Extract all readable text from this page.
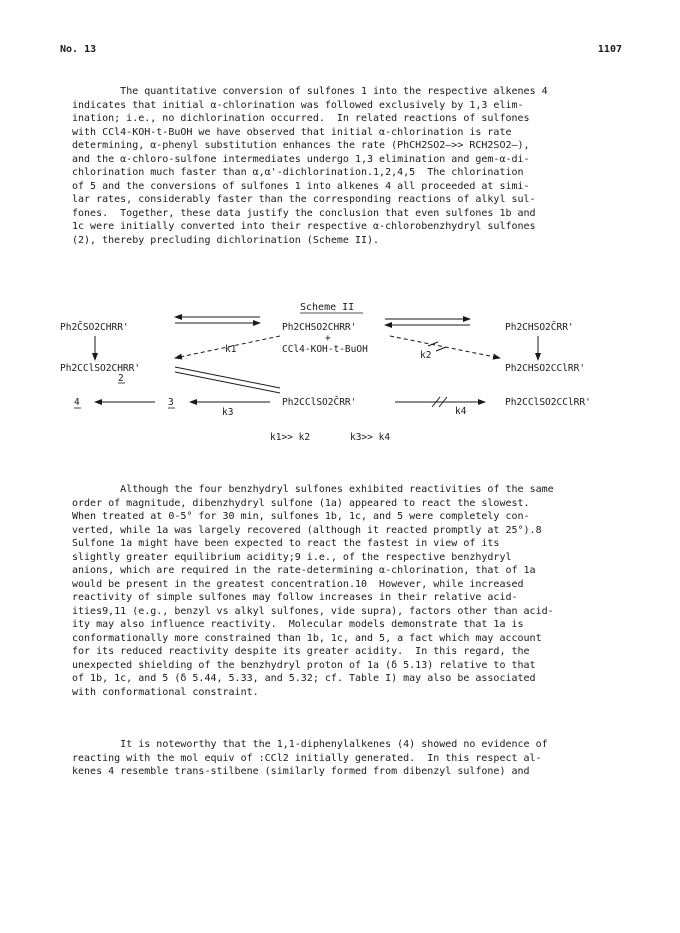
No. 13	1107

The quantitative conversion of sulfones 1 into the respective alkenes 4
indicates that initial α-chlorination was followed exclusively by 1,3 elim-
ination; i.e., no dichlorination occurred.  In related reactions of sulfones
with CCl4-KOH-t-BuOH we have observed that initial α-chlorination is rate
determining, α-phenyl substitution enhances the rate (PhCH2SO2—>> RCH2SO2—),
and the α-chloro-sulfone intermediates undergo 1,3 elimination and gem-α-di-
chlorination much faster than α,α'-dichlorination.1,2,4,5  The chlorination
of 5 and the conversions of sulfones 1 into alkenes 4 all proceeded at simi-
lar rates, considerably faster than the corresponding reactions of alkyl sul-
fones.  Together, these data justify the conclusion that even sulfones 1b and
1c were initially converted into their respective α-chlorobenzhydryl sulfones
(2), thereby precluding dichlorination (Scheme II).

Scheme II
Ph2C̄SO2CHRR'	Ph2CHSO2CHRR'	Ph2CHSO2C̄RR'
+
CCl4-KOH-t-BuOH
k1
k2
Ph2CClSO2CHRR'
2
Ph2CHSO2CClRR'
4	3
k3
Ph2CClSO2C̄RR'
k4
Ph2CClSO2CClRR'
k1>> k2	k3>> k4

Although the four benzhydryl sulfones exhibited reactivities of the same
order of magnitude, dibenzhydryl sulfone (1a) appeared to react the slowest.
When treated at 0-5° for 30 min, sulfones 1b, 1c, and 5 were completely con-
verted, while 1a was largely recovered (although it reacted promptly at 25°).8
Sulfone 1a might have been expected to react the fastest in view of its
slightly greater equilibrium acidity;9 i.e., of the respective benzhydryl
anions, which are required in the rate-determining α-chlorination, that of 1a
would be present in the greatest concentration.10  However, while increased
reactivity of simple sulfones may follow increases in their relative acid-
ities9,11 (e.g., benzyl vs alkyl sulfones, vide supra), factors other than acid-
ity may also influence reactivity.  Molecular models demonstrate that 1a is
conformationally more constrained than 1b, 1c, and 5, a fact which may account
for its reduced reactivity despite its greater acidity.  In this regard, the
unexpected shielding of the benzhydryl proton of 1a (δ 5.13) relative to that
of 1b, 1c, and 5 (δ 5.44, 5.33, and 5.32; cf. Table I) may also be associated
with conformational constraint.

It is noteworthy that the 1,1-diphenylalkenes (4) showed no evidence of
reacting with the mol equiv of :CCl2 initially generated.  In this respect al-
kenes 4 resemble trans-stilbene (similarly formed from dibenzyl sulfone) and
